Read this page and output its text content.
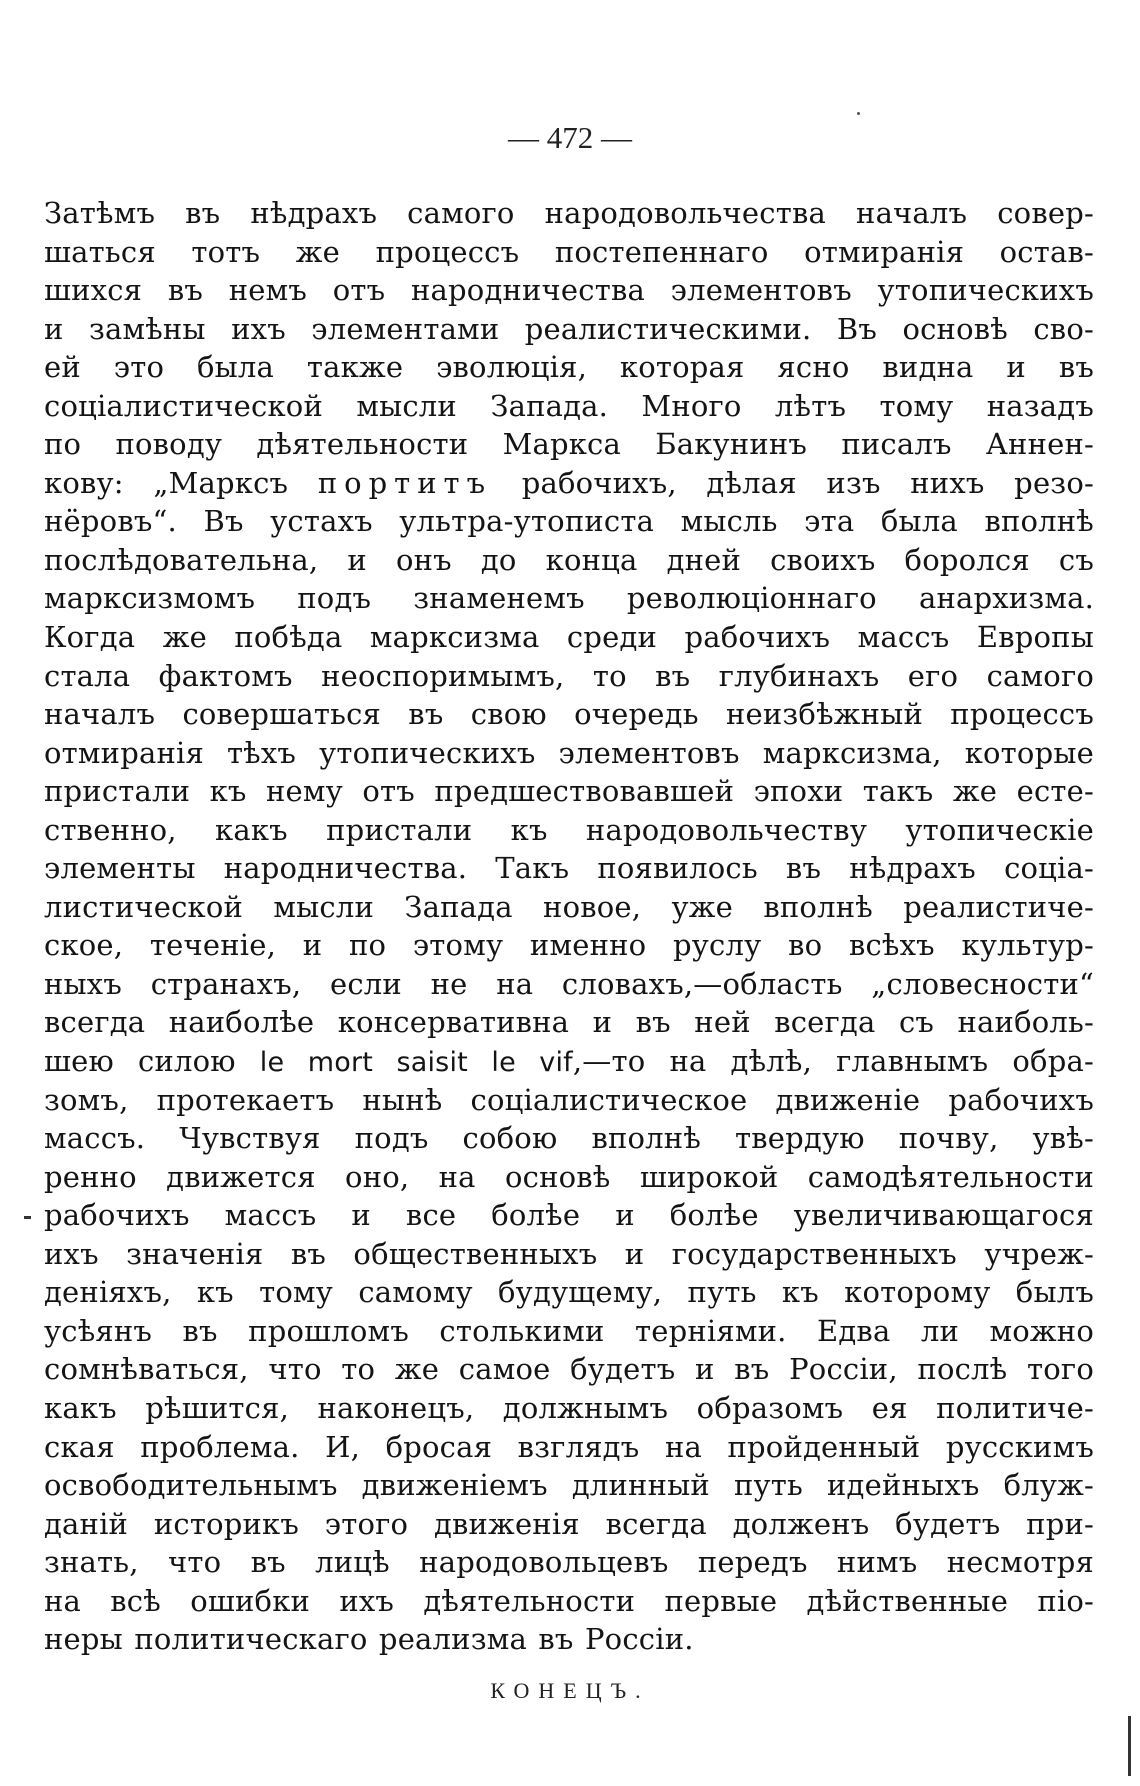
— 472 —
Затѣмъ въ нѣдрахъ самого народовольчества началъ совер-
шаться тотъ же процессъ постепеннаго отмиранія остав-
шихся въ немъ отъ народничества элементовъ утопическихъ
и замѣны ихъ элементами реалистическими. Въ основѣ сво-
ей это была также эволюція, которая ясно видна и въ
соціалистической мысли Запада. Много лѣтъ тому назадъ
по поводу дѣятельности Маркса Бакунинъ писалъ Аннен-
кову: „Марксъ портитъ рабочихъ, дѣлая изъ нихъ резо-
нёровъ“. Въ устахъ ультра-утописта мысль эта была вполнѣ
послѣдовательна, и онъ до конца дней своихъ боролся съ
марксизмомъ подъ знаменемъ революціоннаго анархизма.
Когда же побѣда марксизма среди рабочихъ массъ Европы
стала фактомъ неоспоримымъ, то въ глубинахъ его самого
началъ совершаться въ свою очередь неизбѣжный процессъ
отмиранія тѣхъ утопическихъ элементовъ марксизма, которые
пристали къ нему отъ предшествовавшей эпохи такъ же есте-
ственно, какъ пристали къ народовольчеству утопическіе
элементы народничества. Такъ появилось въ нѣдрахъ соціа-
листической мысли Запада новое, уже вполнѣ реалистиче-
ское, теченіе, и по этому именно руслу во всѣхъ культур-
ныхъ странахъ, если не на словахъ,—область „словесности“
всегда наиболѣе консервативна и въ ней всегда съ наиболь-
шею силою le mort saisit le vif,—то на дѣлѣ, главнымъ обра-
зомъ, протекаетъ нынѣ соціалистическое движеніе рабочихъ
массъ. Чувствуя подъ собою вполнѣ твердую почву, увѣ-
ренно движется оно, на основѣ широкой самодѣятельности
рабочихъ массъ и все болѣе и болѣе увеличивающагося
ихъ значенія въ общественныхъ и государственныхъ учреж-
деніяхъ, къ тому самому будущему, путь къ которому былъ
усѣянъ въ прошломъ столькими терніями. Едва ли можно
сомнѣваться, что то же самое будетъ и въ Россіи, послѣ того
какъ рѣшится, наконецъ, должнымъ образомъ ея политиче-
ская проблема. И, бросая взглядъ на пройденный русскимъ
освободительнымъ движеніемъ длинный путь идейныхъ блуж-
даній историкъ этого движенія всегда долженъ будетъ при-
знать, что въ лицѣ народовольцевъ передъ нимъ несмотря
на всѣ ошибки ихъ дѣятельности первые дѣйственные піо-
неры политическаго реализма въ Россіи.
КОНЕЦЪ.
